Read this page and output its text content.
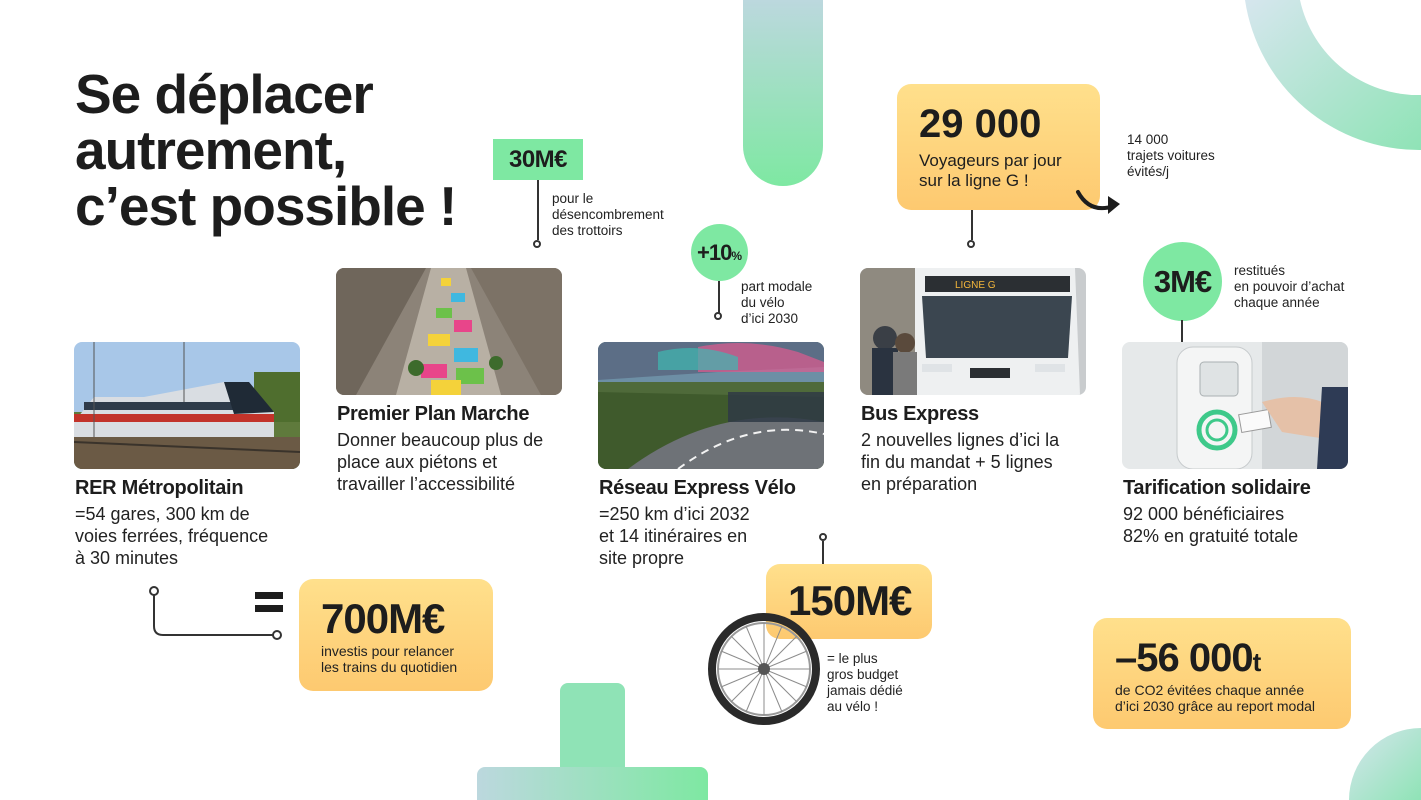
Se déplacer
autrement,
c’est possible !
RER Métropolitain
=54 gares, 300 km de
voies ferrées, fréquence
à 30 minutes
700M€
investis pour relancer
les trains du quotidien
30M€
pour le
désencombrement
des trottoirs
Premier Plan Marche
Donner beaucoup plus de
place aux piétons et
travailler l’accessibilité
+10 %
part modale
du vélo
d’ici 2030
Réseau Express Vélo
=250 km d’ici 2032
et 14 itinéraires en
site propre
150M€
= le plus
gros budget
jamais dédié
au vélo !
29 000
Voyageurs par jour
sur la ligne G !
14 000
trajets voitures
évités/j
LIGNE G
Bus Express
2 nouvelles lignes d’ici la
fin du mandat + 5 lignes
en préparation
3M€ restitués
en pouvoir d’achat
chaque année
Tarification solidaire
92 000 bénéficiaires
82% en gratuité totale
–56 000t
de CO2 évitées chaque année
d’ici 2030 grâce au report modal
